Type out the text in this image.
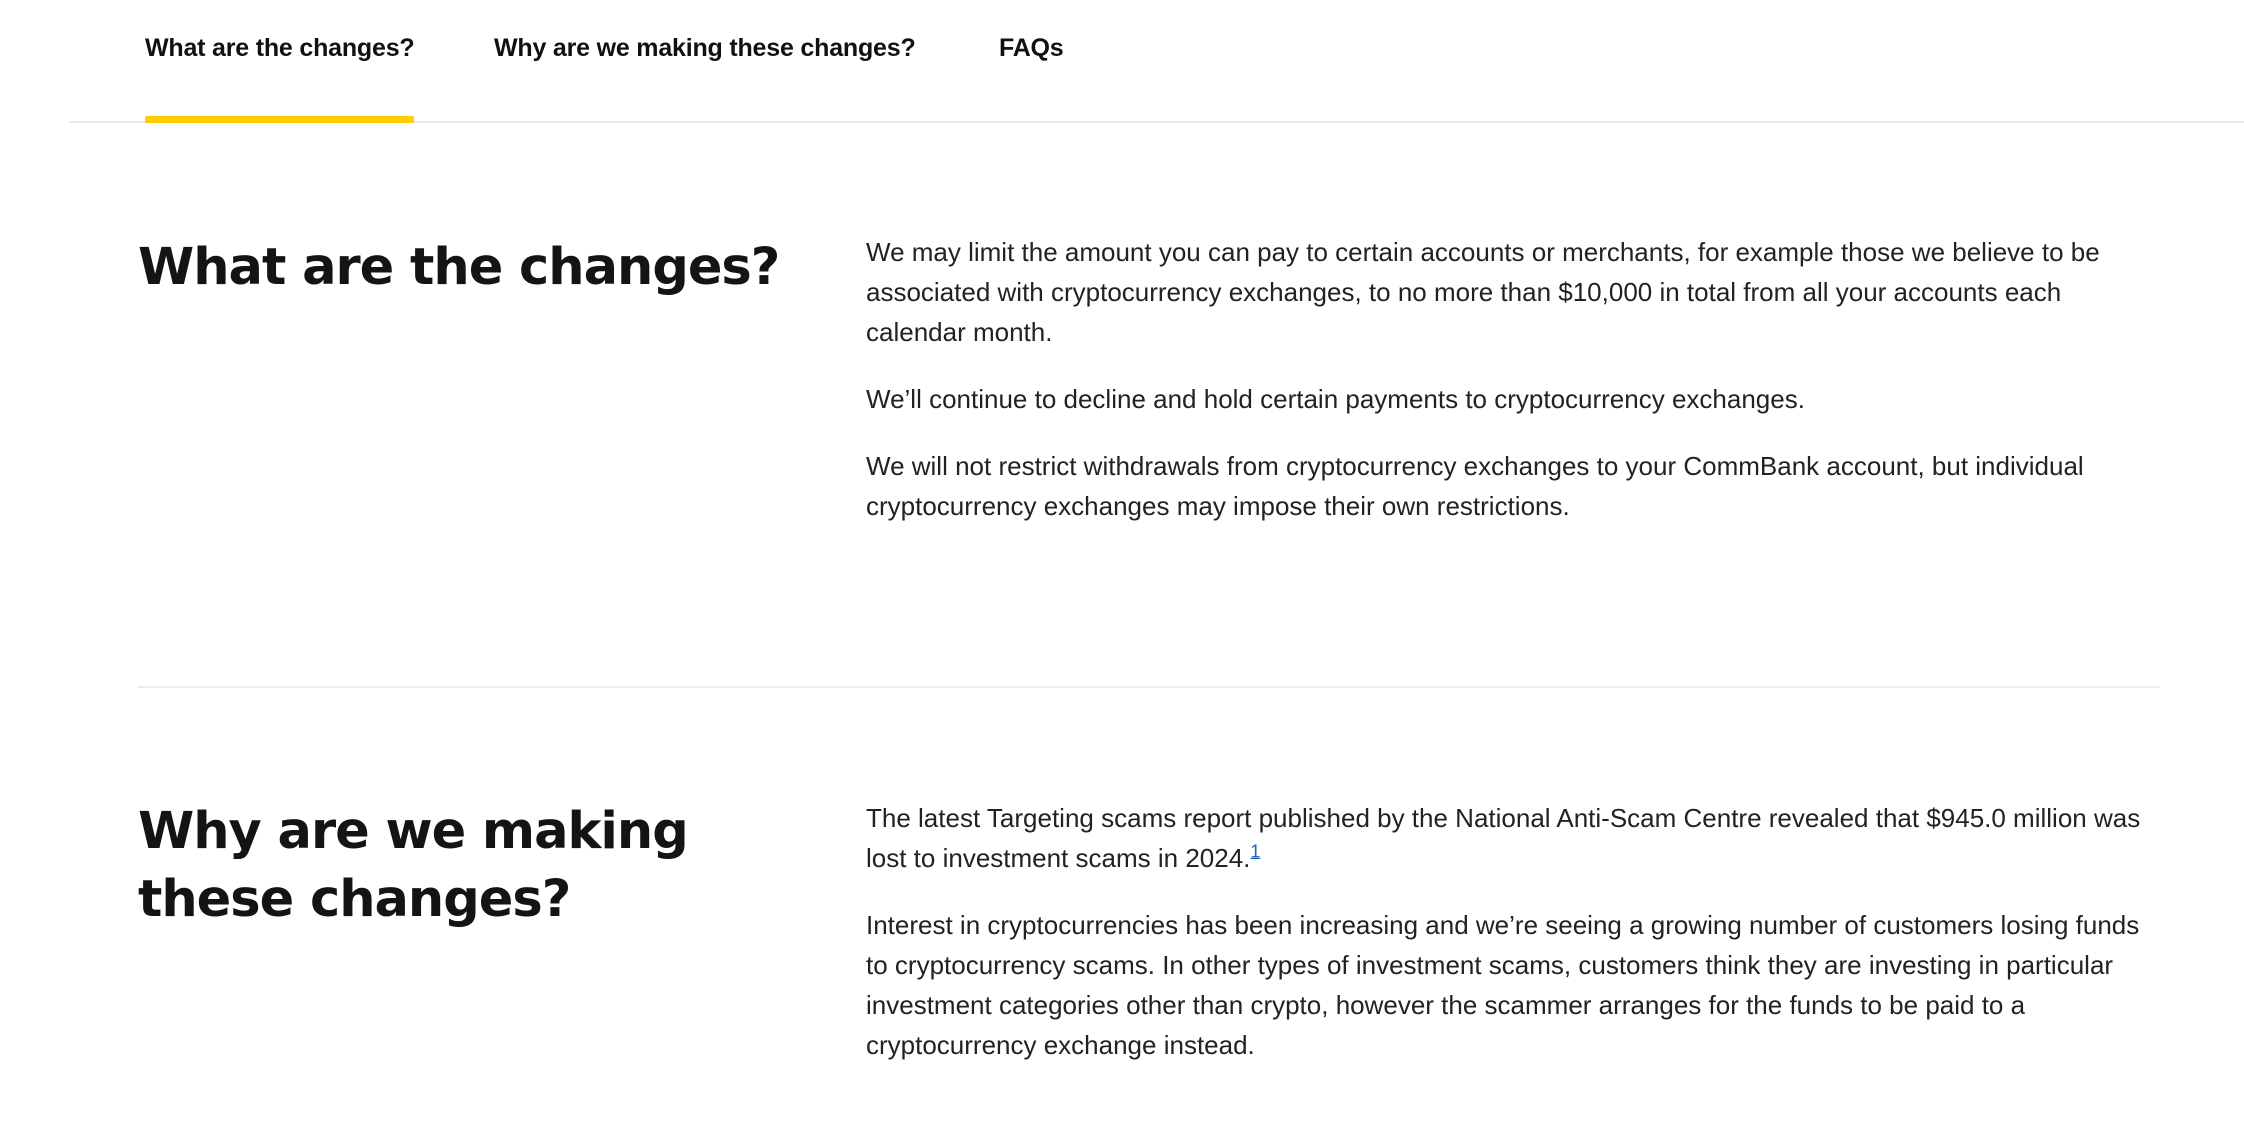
What are the changes?	Why are we making these changes?	FAQs
What are the changes?	We may limit the amount you can pay to certain accounts or merchants, for example those we believe to be associated with cryptocurrency exchanges, to no more than $10,000 in total from all your accounts each calendar month.

We’ll continue to decline and hold certain payments to cryptocurrency exchanges.

We will not restrict withdrawals from cryptocurrency exchanges to your CommBank account, but individual cryptocurrency exchanges may impose their own restrictions.

Why are we making these changes?

The latest Targeting scams report published by the National Anti-Scam Centre revealed that $945.0 million was lost to investment scams in 2024.$^1$

Interest in cryptocurrencies has been increasing and we’re seeing a growing number of customers losing funds to cryptocurrency scams. In other types of investment scams, customers think they are investing in particular investment categories other than crypto, however the scammer arranges for the funds to be paid to a cryptocurrency exchange instead.
